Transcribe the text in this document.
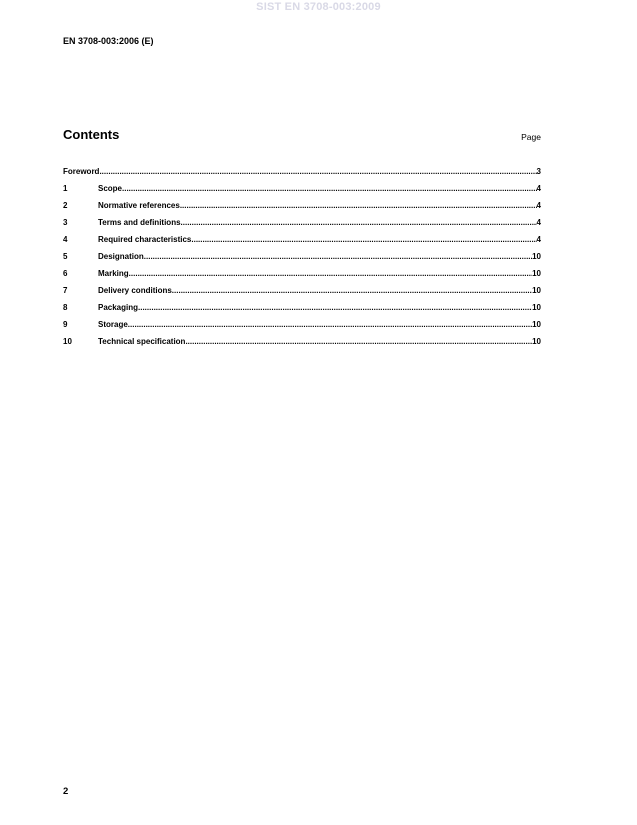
SIST EN 3708-003:2009
EN 3708-003:2006 (E)
Contents	Page
Foreword .....	3
1	Scope .....	4
2	Normative references .....	4
3	Terms and definitions .....	4
4	Required characteristics .....	4
5	Designation .....	10
6	Marking .....	10
7	Delivery conditions .....	10
8	Packaging .....	10
9	Storage .....	10
10	Technical specification .....	10
2
